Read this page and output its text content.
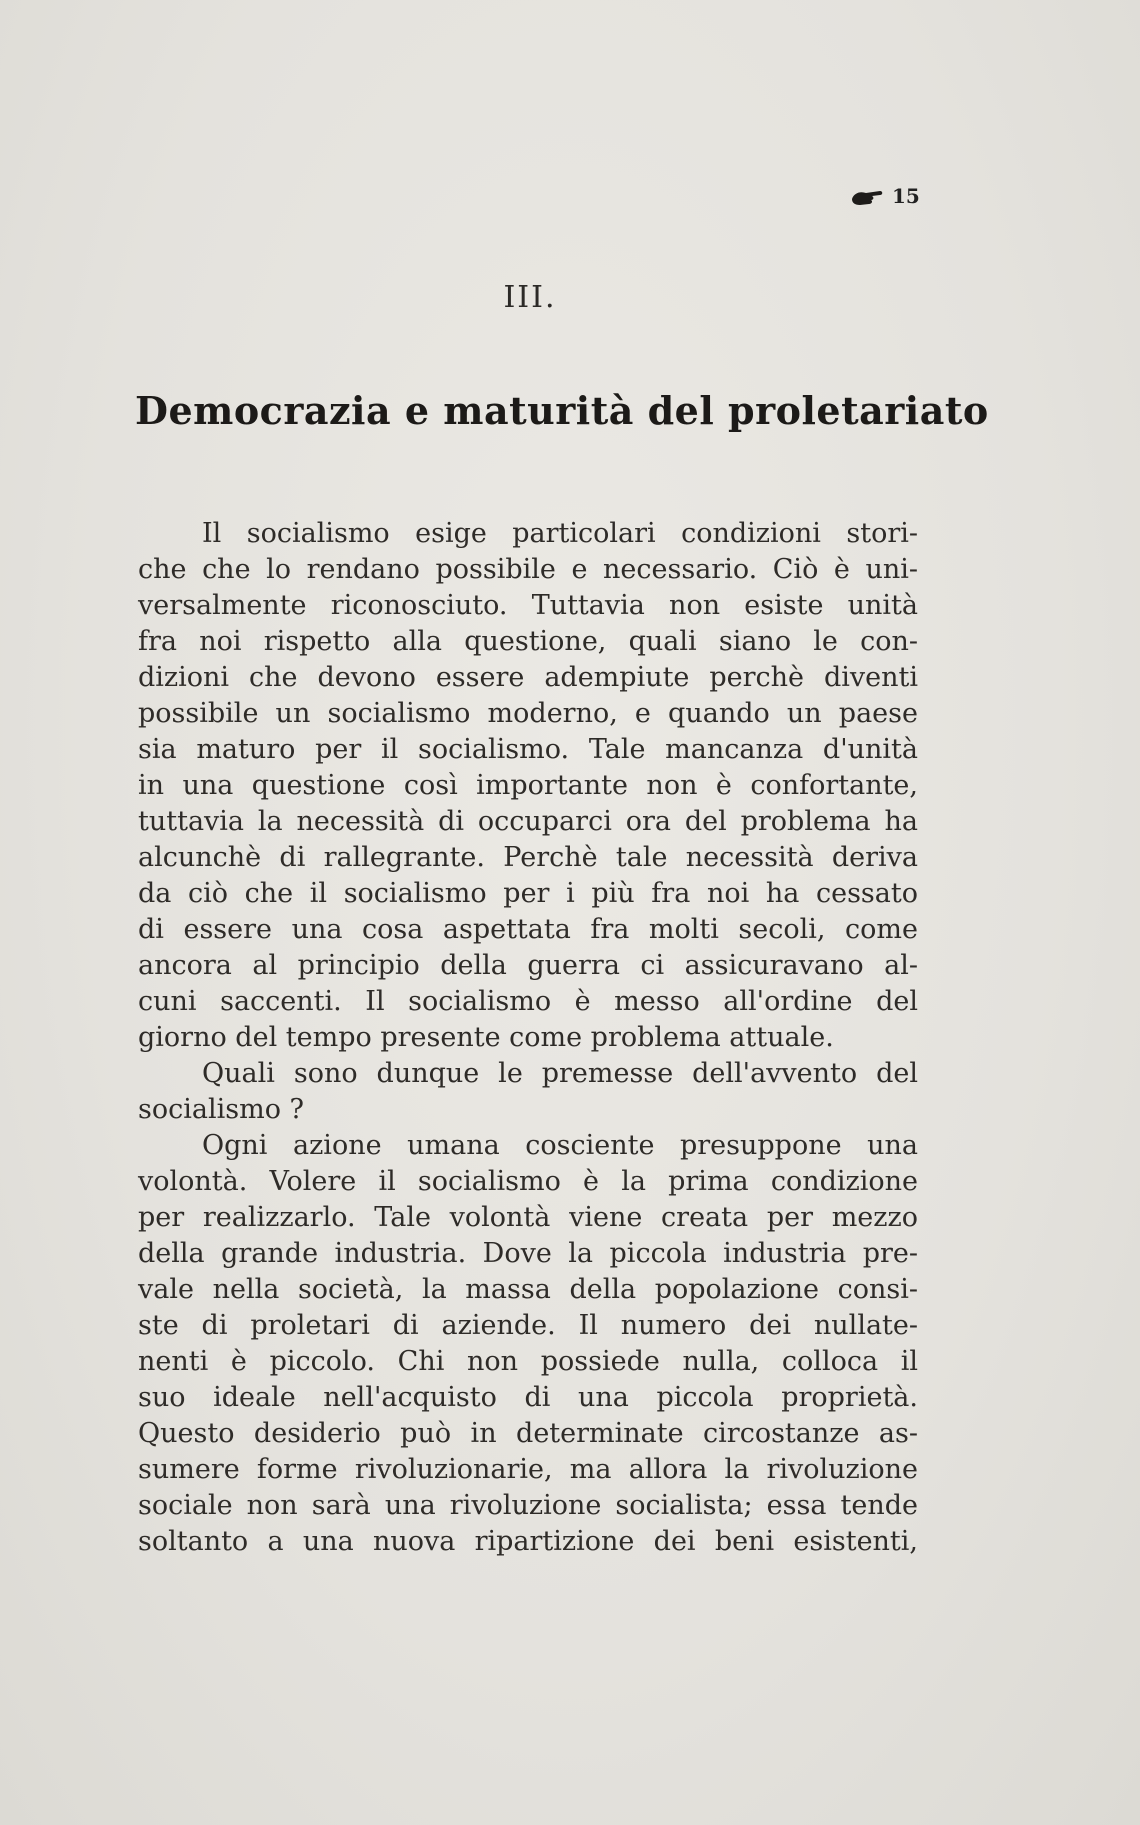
15
III.
Democrazia e maturità del proletariato
Il socialismo esige particolari condizioni stori-
che che lo rendano possibile e necessario. Ciò è uni-
versalmente riconosciuto. Tuttavia non esiste unità
fra noi rispetto alla questione, quali siano le con-
dizioni che devono essere adempiute perchè diventi
possibile un socialismo moderno, e quando un paese
sia maturo per il socialismo. Tale mancanza d'unità
in una questione così importante non è confortante,
tuttavia la necessità di occuparci ora del problema ha
alcunchè di rallegrante. Perchè tale necessità deriva
da ciò che il socialismo per i più fra noi ha cessato
di essere una cosa aspettata fra molti secoli, come
ancora al principio della guerra ci assicuravano al-
cuni saccenti. Il socialismo è messo all'ordine del
giorno del tempo presente come problema attuale.
Quali sono dunque le premesse dell'avvento del
socialismo ?
Ogni azione umana cosciente presuppone una
volontà. Volere il socialismo è la prima condizione
per realizzarlo. Tale volontà viene creata per mezzo
della grande industria. Dove la piccola industria pre-
vale nella società, la massa della popolazione consi-
ste di proletari di aziende. Il numero dei nullate-
nenti è piccolo. Chi non possiede nulla, colloca il
suo ideale nell'acquisto di una piccola proprietà.
Questo desiderio può in determinate circostanze as-
sumere forme rivoluzionarie, ma allora la rivoluzione
sociale non sarà una rivoluzione socialista; essa tende
soltanto a una nuova ripartizione dei beni esistenti,
